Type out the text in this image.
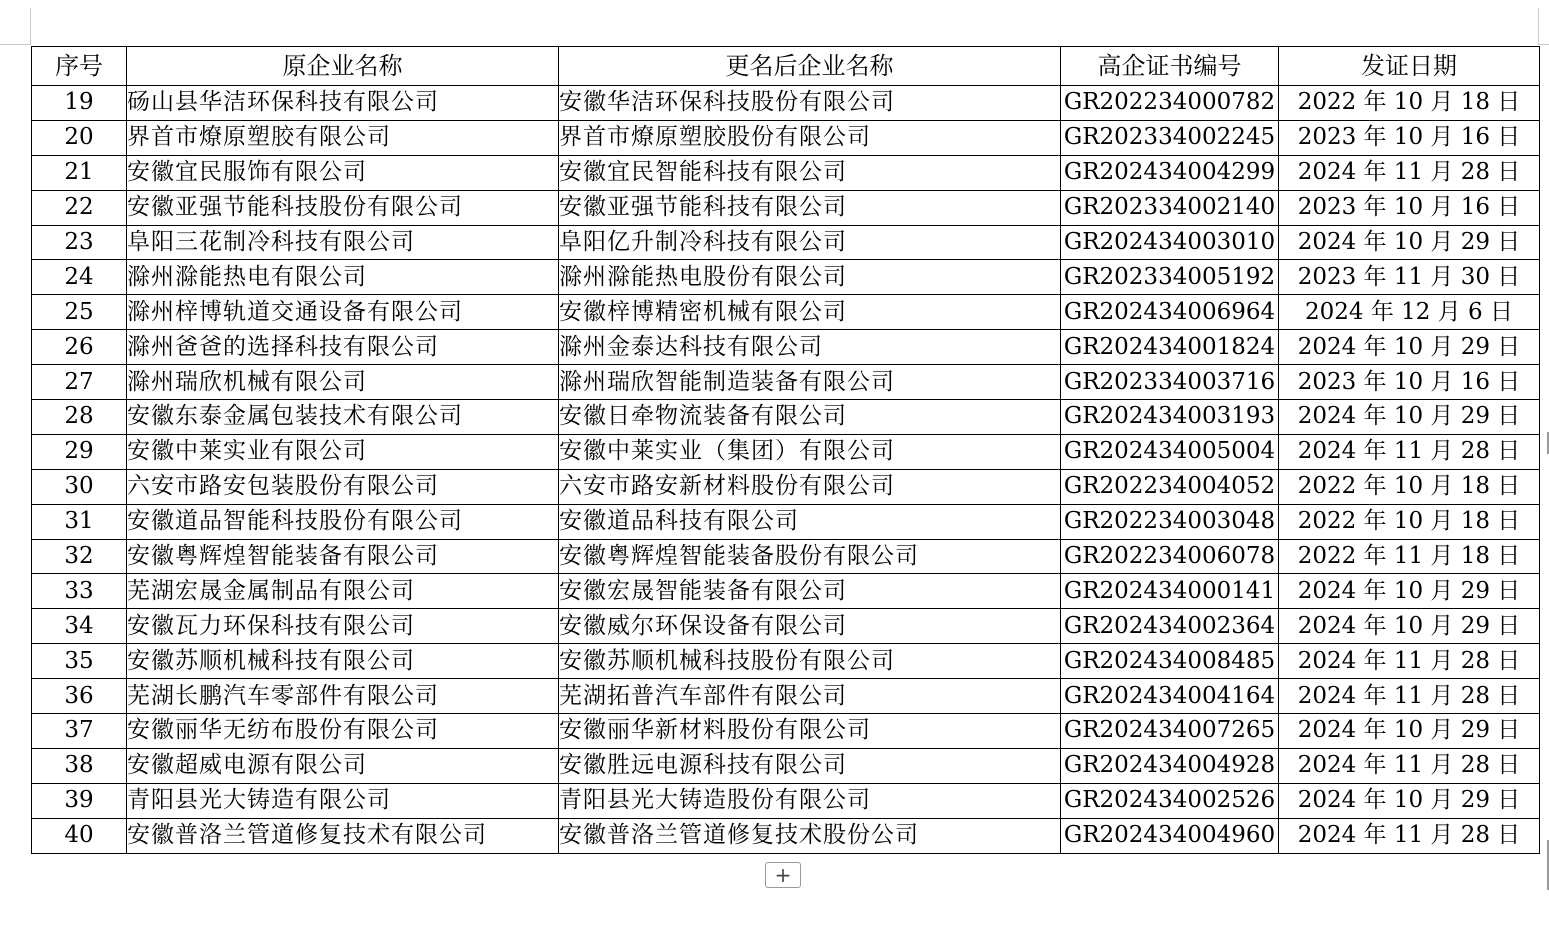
序号	原企业名称	更名后企业名称	高企证书编号	发证日期
19	砀山县华洁环保科技有限公司	安徽华洁环保科技股份有限公司	GR202234000782	2022 年 10 月 18 日
20	界首市燎原塑胶有限公司	界首市燎原塑胶股份有限公司	GR202334002245	2023 年 10 月 16 日
21	安徽宜民服饰有限公司	安徽宜民智能科技有限公司	GR202434004299	2024 年 11 月 28 日
22	安徽亚强节能科技股份有限公司	安徽亚强节能科技有限公司	GR202334002140	2023 年 10 月 16 日
23	阜阳三花制冷科技有限公司	阜阳亿升制冷科技有限公司	GR202434003010	2024 年 10 月 29 日
24	滁州滁能热电有限公司	滁州滁能热电股份有限公司	GR202334005192	2023 年 11 月 30 日
25	滁州梓博轨道交通设备有限公司	安徽梓博精密机械有限公司	GR202434006964	2024 年 12 月 6 日
26	滁州爸爸的选择科技有限公司	滁州金泰达科技有限公司	GR202434001824	2024 年 10 月 29 日
27	滁州瑞欣机械有限公司	滁州瑞欣智能制造装备有限公司	GR202334003716	2023 年 10 月 16 日
28	安徽东泰金属包装技术有限公司	安徽日牵物流装备有限公司	GR202434003193	2024 年 10 月 29 日
29	安徽中莱实业有限公司	安徽中莱实业（集团）有限公司	GR202434005004	2024 年 11 月 28 日
30	六安市路安包装股份有限公司	六安市路安新材料股份有限公司	GR202234004052	2022 年 10 月 18 日
31	安徽道品智能科技股份有限公司	安徽道品科技有限公司	GR202234003048	2022 年 10 月 18 日
32	安徽粤辉煌智能装备有限公司	安徽粤辉煌智能装备股份有限公司	GR202234006078	2022 年 11 月 18 日
33	芜湖宏晟金属制品有限公司	安徽宏晟智能装备有限公司	GR202434000141	2024 年 10 月 29 日
34	安徽瓦力环保科技有限公司	安徽威尔环保设备有限公司	GR202434002364	2024 年 10 月 29 日
35	安徽苏顺机械科技有限公司	安徽苏顺机械科技股份有限公司	GR202434008485	2024 年 11 月 28 日
36	芜湖长鹏汽车零部件有限公司	芜湖拓普汽车部件有限公司	GR202434004164	2024 年 11 月 28 日
37	安徽丽华无纺布股份有限公司	安徽丽华新材料股份有限公司	GR202434007265	2024 年 10 月 29 日
38	安徽超威电源有限公司	安徽胜远电源科技有限公司	GR202434004928	2024 年 11 月 28 日
39	青阳县光大铸造有限公司	青阳县光大铸造股份有限公司	GR202434002526	2024 年 10 月 29 日
40	安徽普洛兰管道修复技术有限公司	安徽普洛兰管道修复技术股份公司	GR202434004960	2024 年 11 月 28 日
+
